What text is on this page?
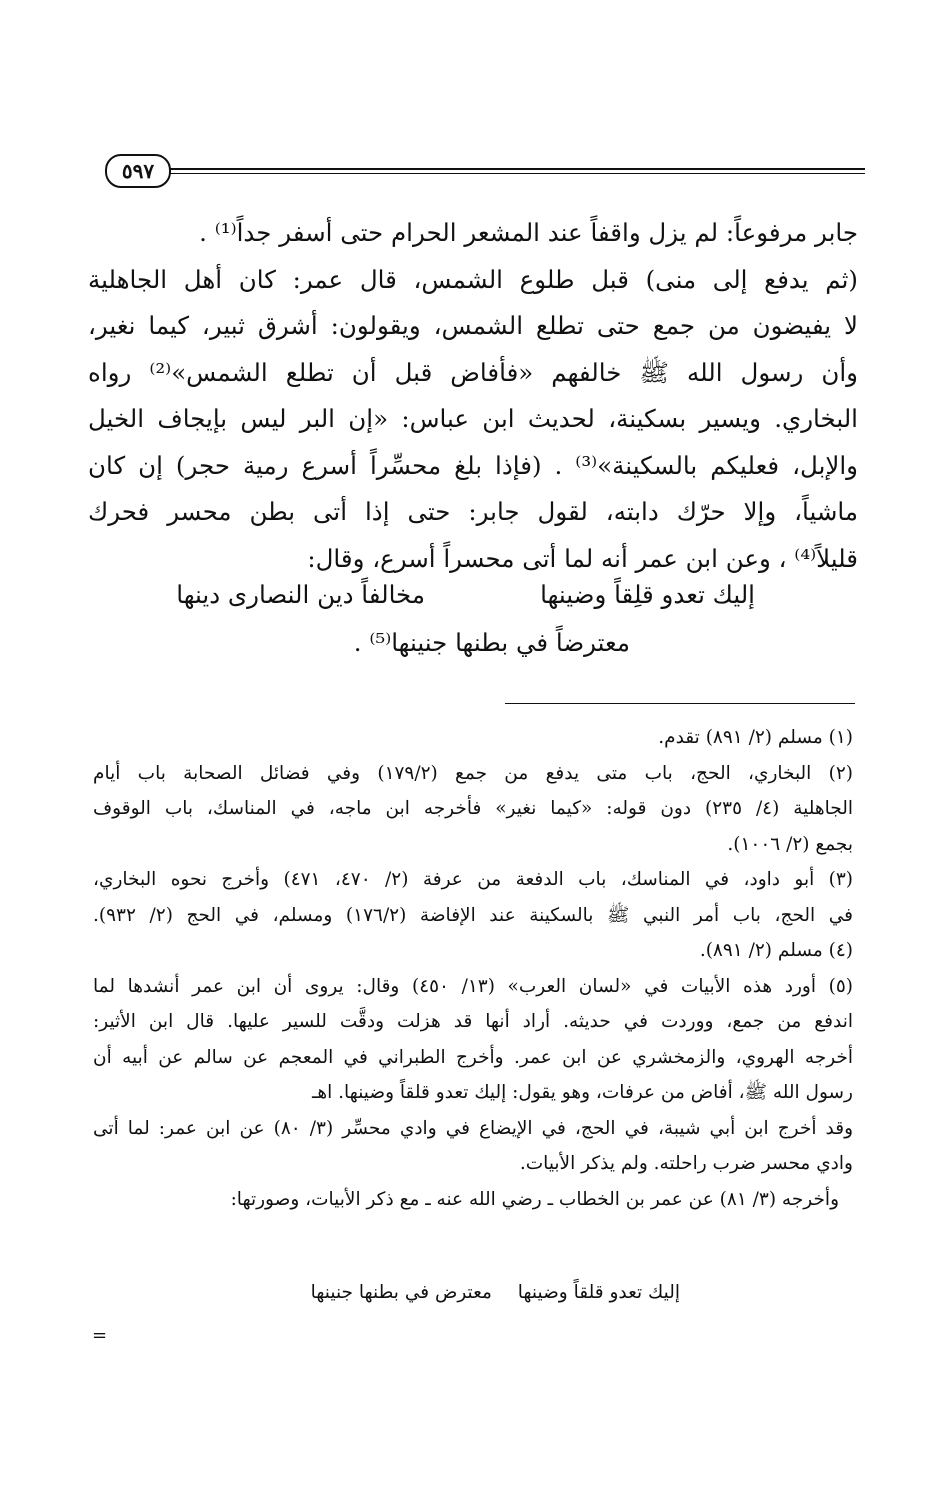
٥٩٧
جابر مرفوعاً: لم يزل واقفاً عند المشعر الحرام حتى أسفر جداً⁽¹⁾ .
(ثم يدفع إلى منى) قبل طلوع الشمس، قال عمر: كان أهل الجاهلية
لا يفيضون من جمع حتى تطلع الشمس، ويقولون: أشرق ثبير، كيما نغير،
وأن رسول الله ﷺ خالفهم «فأفاض قبل أن تطلع الشمس»⁽²⁾ رواه
البخاري. ويسير بسكينة، لحديث ابن عباس: «إن البر ليس بإيجاف الخيل
والإبل، فعليكم بالسكينة»⁽³⁾ . (فإذا بلغ محسِّراً أسرع رمية حجر) إن كان
ماشياً، وإلا حرّك دابته، لقول جابر: حتى إذا أتى بطن محسر فحرك
قليلاً⁽⁴⁾ ، وعن ابن عمر أنه لما أتى محسراً أسرع، وقال:
إليك تعدو قلِقاً وضينها
مخالفاً دين النصارى دينها
معترضاً في بطنها جنينها⁽⁵⁾ .
(١) مسلم (٢/ ٨٩١) تقدم.
(٢) البخاري، الحج، باب متى يدفع من جمع (١٧٩/٢) وفي فضائل الصحابة باب أيام
الجاهلية (٤/ ٢٣٥) دون قوله: «كيما نغير» فأخرجه ابن ماجه، في المناسك، باب الوقوف
بجمع (٢/ ١٠٠٦).
(٣) أبو داود، في المناسك، باب الدفعة من عرفة (٢/ ٤٧٠، ٤٧١) وأخرج نحوه البخاري،
في الحج، باب أمر النبي ﷺ بالسكينة عند الإفاضة (١٧٦/٢) ومسلم، في الحج (٢/ ٩٣٢).
(٤) مسلم (٢/ ٨٩١).
(٥) أورد هذه الأبيات في «لسان العرب» (١٣/ ٤٥٠) وقال: يروى أن ابن عمر أنشدها لما
اندفع من جمع، ووردت في حديثه. أراد أنها قد هزلت ودقَّت للسير عليها. قال ابن الأثير:
أخرجه الهروي، والزمخشري عن ابن عمر. وأخرج الطبراني في المعجم عن سالم عن أبيه أن
رسول الله ﷺ، أفاض من عرفات، وهو يقول: إليك تعدو قلقاً وضينها. اهـ
وقد أخرج ابن أبي شيبة، في الحج، في الإيضاع في وادي محسِّر (٣/ ٨٠) عن ابن عمر: لما أتى
وادي محسر ضرب راحلته. ولم يذكر الأبيات.
وأخرجه (٣/ ٨١) عن عمر بن الخطاب ـ رضي الله عنه ـ مع ذكر الأبيات، وصورتها:
إليك تعدو قلقاً وضينها  معترض في بطنها جنينها
=
